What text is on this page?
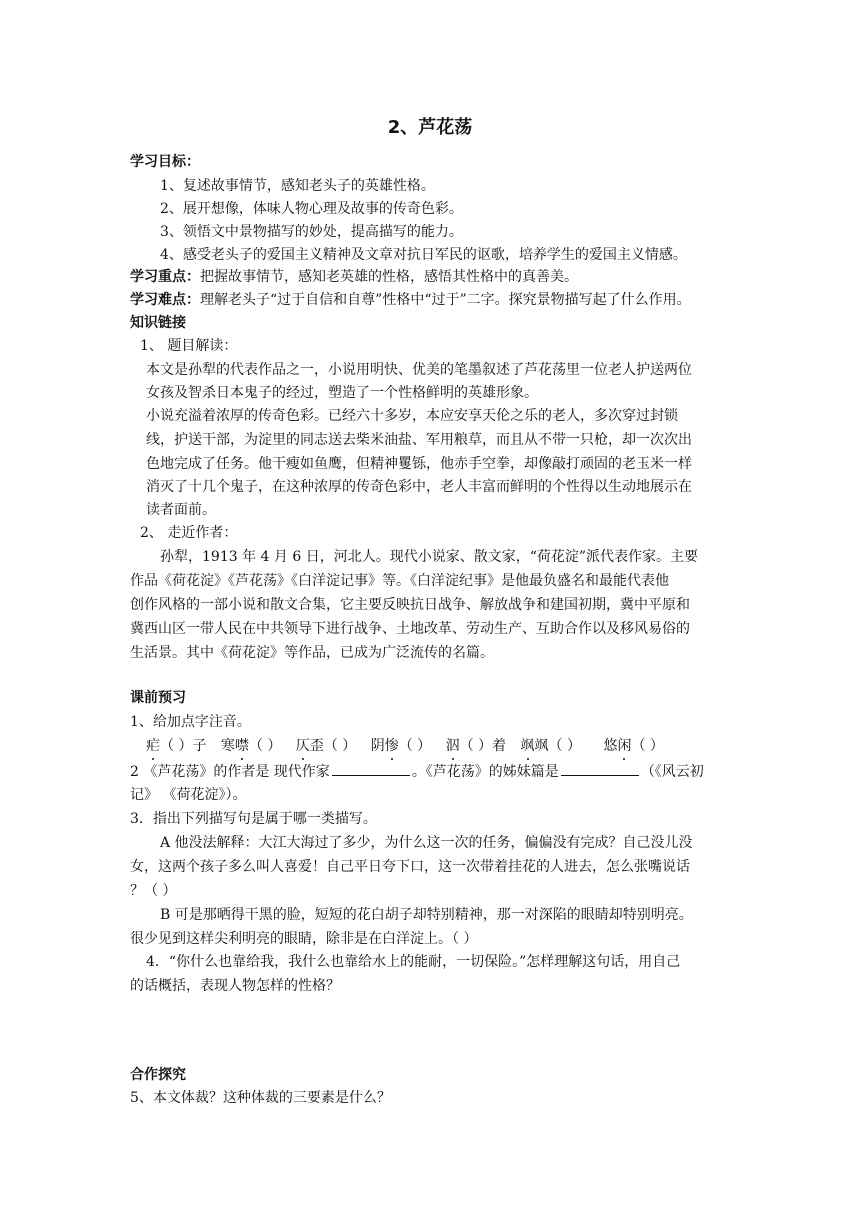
2、芦花荡
学习目标：
1、复述故事情节，感知老头子的英雄性格。
2、展开想像，体味人物心理及故事的传奇色彩。
3、领悟文中景物描写的妙处，提高描写的能力。
4、感受老头子的爱国主义精神及文章对抗日军民的讴歌，培养学生的爱国主义情感。
学习重点：把握故事情节，感知老英雄的性格，感悟其性格中的真善美。
学习难点：理解老头子“过于自信和自尊”性格中“过于”二字。探究景物描写起了什么作用。
知识链接
1、 题目解读：
本文是孙犁的代表作品之一，小说用明快、优美的笔墨叙述了芦花荡里一位老人护送两位
女孩及智杀日本鬼子的经过，塑造了一个性格鲜明的英雄形象。
小说充溢着浓厚的传奇色彩。已经六十多岁，本应安享天伦之乐的老人，多次穿过封锁
线，护送干部，为淀里的同志送去柴米油盐、军用粮草，而且从不带一只枪，却一次次出
色地完成了任务。他干瘦如鱼鹰，但精神矍铄，他赤手空拳，却像敲打顽固的老玉米一样
消灭了十几个鬼子，在这种浓厚的传奇色彩中，老人丰富而鲜明的个性得以生动地展示在
读者面前。
2、 走近作者：
孙犁，1913 年 4 月 6 日，河北人。现代小说家、散文家，“荷花淀”派代表作家。主要
作品《荷花淀》《芦花荡》《白洋淀记事》等。《白洋淀纪事》是他最负盛名和最能代表他
创作风格的一部小说和散文合集，它主要反映抗日战争、解放战争和建国初期，冀中平原和
冀西山区一带人民在中共领导下进行战争、土地改革、劳动生产、互助合作以及移风易俗的
生活景。其中《荷花淀》等作品，已成为广泛流传的名篇。
课前预习
1、给加点字注音。
疟（ ）子 寒噤（ ） 仄歪（ ） 阴惨（ ） 泅（ ）着 飒飒（ ） 悠闲（ ）
2 《芦花荡》的作者是 现代作家	。《芦花荡》的姊妹篇是	（《风云初
记》 《荷花淀》）。
3．指出下列描写句是属于哪一类描写。
A 他没法解释：大江大海过了多少，为什么这一次的任务，偏偏没有完成？自己没儿没
女，这两个孩子多么叫人喜爱！自己平日夸下口，这一次带着挂花的人进去，怎么张嘴说话
？（ ）
B 可是那晒得干黑的脸，短短的花白胡子却特别精神，那一对深陷的眼睛却特别明亮。
很少见到这样尖利明亮的眼睛，除非是在白洋淀上。（ ）
4．“你什么也靠给我，我什么也靠给水上的能耐，一切保险。”怎样理解这句话，用自己
的话概括，表现人物怎样的性格？
合作探究
5、本文体裁？这种体裁的三要素是什么？
